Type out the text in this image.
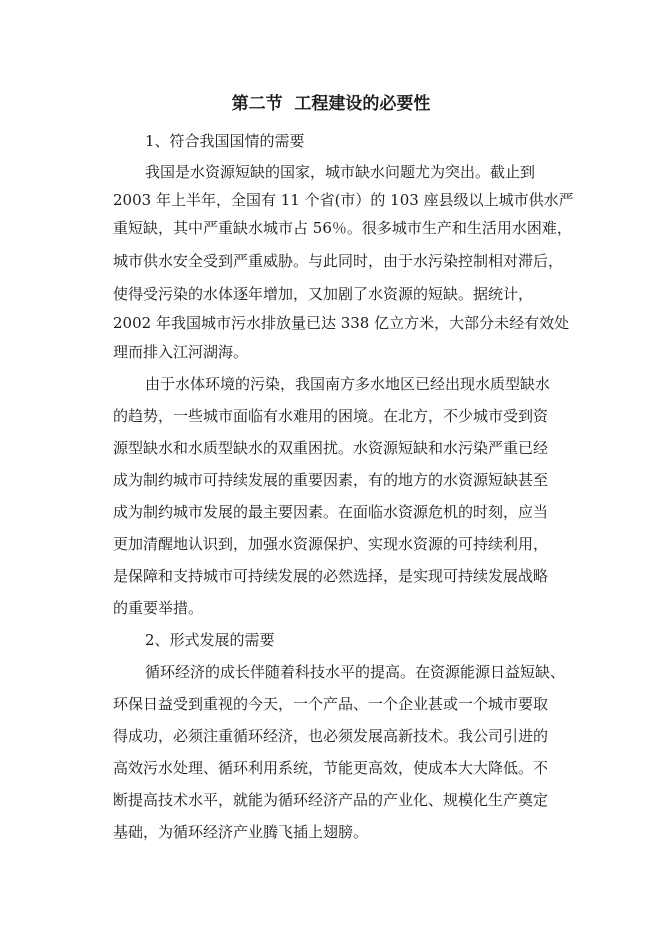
第二节  工程建设的必要性
1、符合我国国情的需要
我国是水资源短缺的国家，城市缺水问题尤为突出。截止到
2003 年上半年，全国有 11 个省(市）的 103 座县级以上城市供水严
重短缺，其中严重缺水城市占 56％。很多城市生产和生活用水困难，
城市供水安全受到严重威胁。与此同时，由于水污染控制相对滞后，
使得受污染的水体逐年增加，又加剧了水资源的短缺。据统计，
2002 年我国城市污水排放量已达 338 亿立方米，大部分未经有效处
理而排入江河湖海。
由于水体环境的污染，我国南方多水地区已经出现水质型缺水
的趋势，一些城市面临有水难用的困境。在北方，不少城市受到资
源型缺水和水质型缺水的双重困扰。水资源短缺和水污染严重已经
成为制约城市可持续发展的重要因素，有的地方的水资源短缺甚至
成为制约城市发展的最主要因素。在面临水资源危机的时刻，应当
更加清醒地认识到，加强水资源保护、实现水资源的可持续利用，
是保障和支持城市可持续发展的必然选择，是实现可持续发展战略
的重要举措。
2、形式发展的需要
循环经济的成长伴随着科技水平的提高。在资源能源日益短缺、
环保日益受到重视的今天，一个产品、一个企业甚或一个城市要取
得成功，必须注重循环经济，也必须发展高新技术。我公司引进的
高效污水处理、循环利用系统，节能更高效，使成本大大降低。不
断提高技术水平，就能为循环经济产品的产业化、规模化生产奠定
基础，为循环经济产业腾飞插上翅膀。
